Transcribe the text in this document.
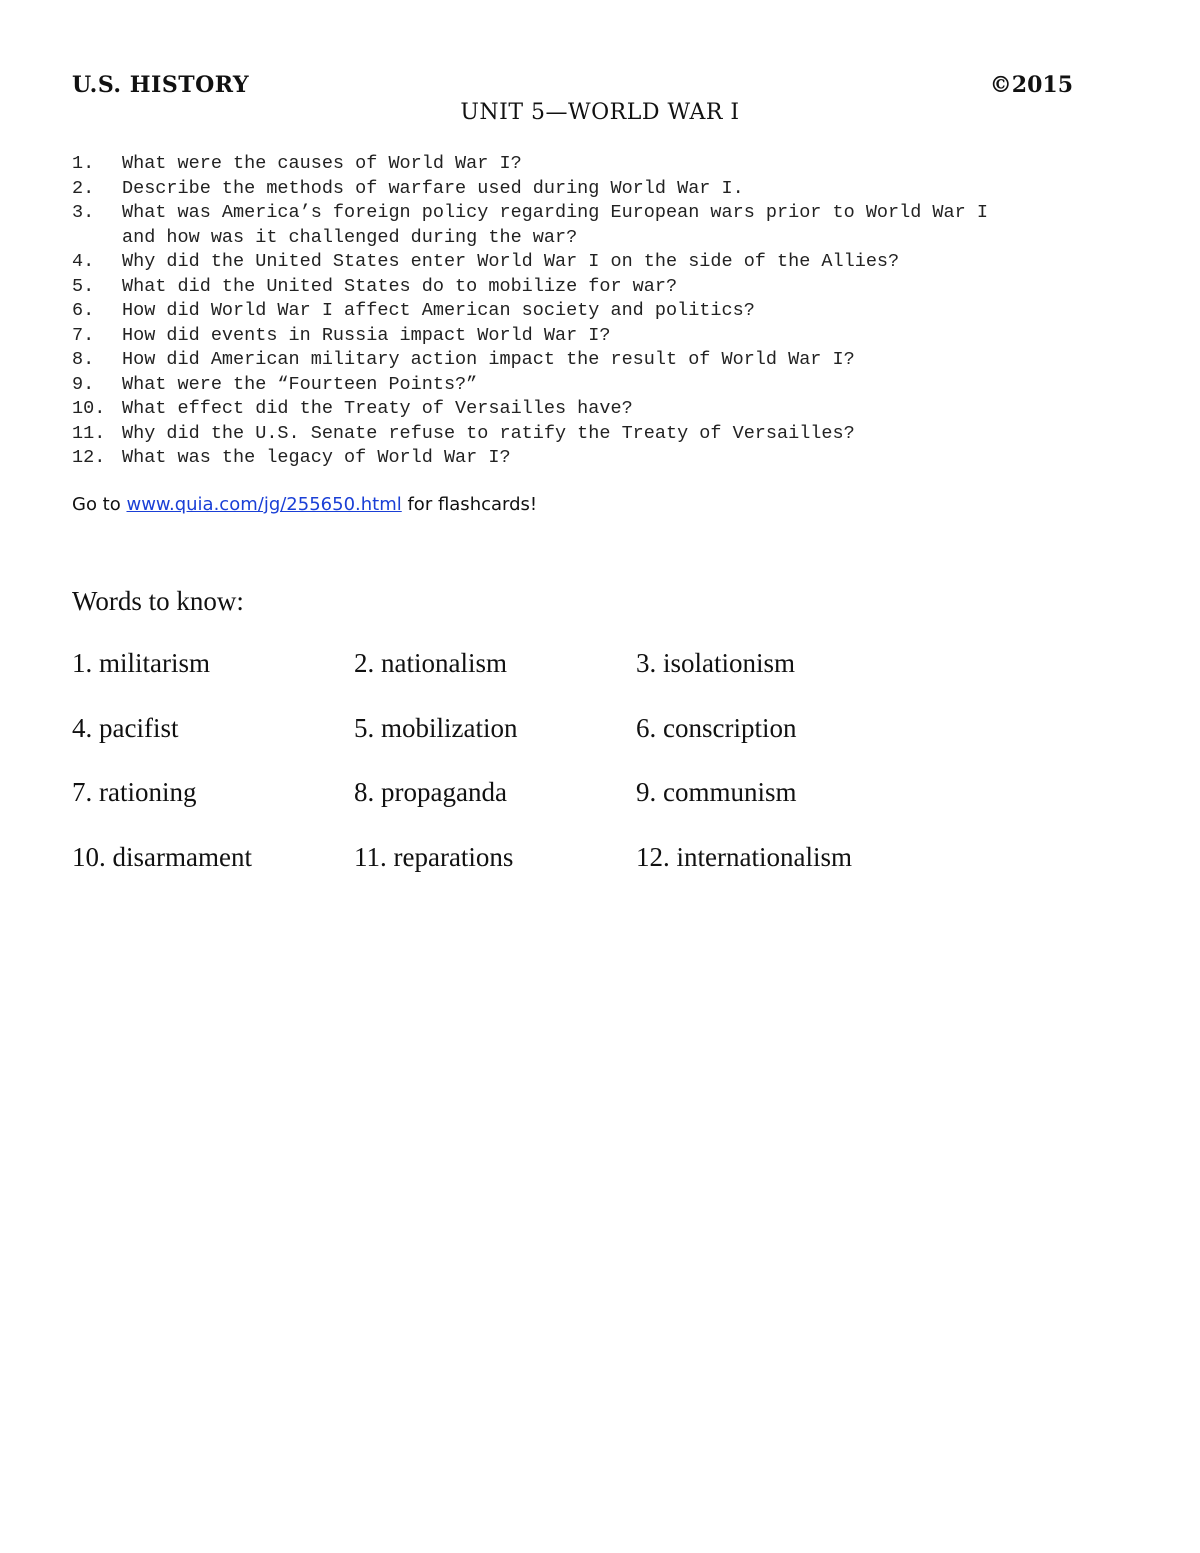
U.S. HISTORY	©2015
UNIT 5—WORLD WAR I
1.	What were the causes of World War I?
2.	Describe the methods of warfare used during World War I.
3.	What was America’s foreign policy regarding European wars prior to World War I and how was it challenged during the war?
4.	Why did the United States enter World War I on the side of the Allies?
5.	What did the United States do to mobilize for war?
6.	How did World War I affect American society and politics?
7.	How did events in Russia impact World War I?
8.	How did American military action impact the result of World War I?
9.	What were the “Fourteen Points?”
10. What effect did the Treaty of Versailles have?
11. Why did the U.S. Senate refuse to ratify the Treaty of Versailles?
12. What was the legacy of World War I?
Go to www.quia.com/jg/255650.html for flashcards!
Words to know:
1. militarism	2. nationalism	3. isolationism
4. pacifist	5. mobilization	6. conscription
7. rationing	8. propaganda	9. communism
10. disarmament	11. reparations	12. internationalism
